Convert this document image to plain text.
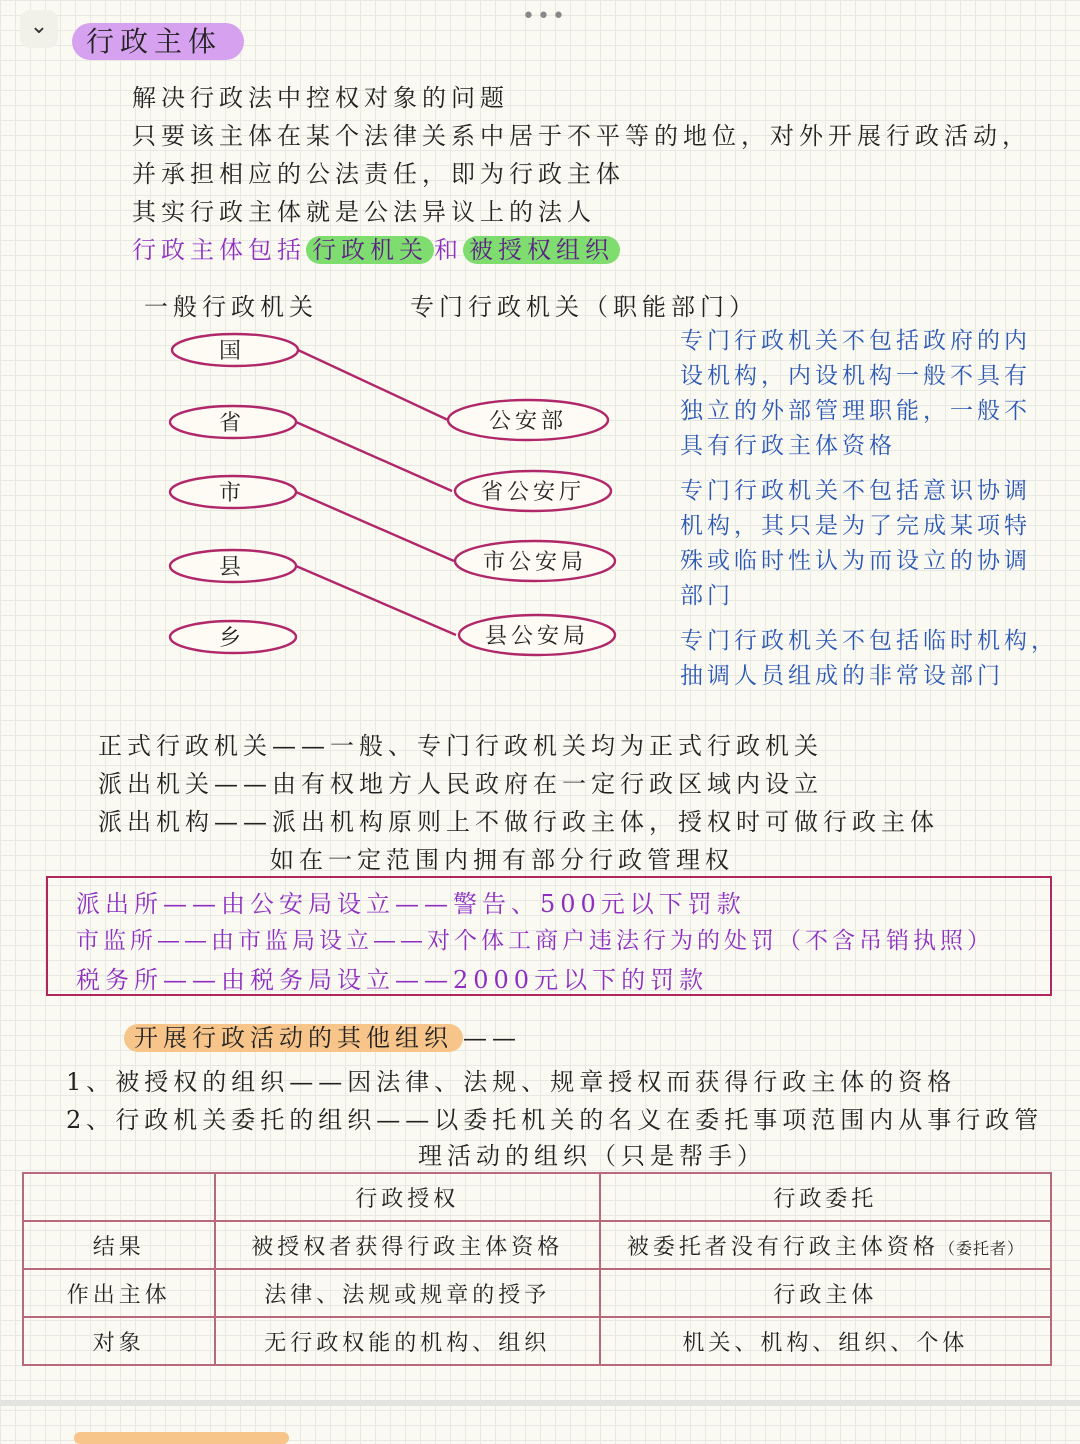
•••
⌄	行政主体
解决行政法中控权对象的问题
只要该主体在某个法律关系中居于不平等的地位，对外开展行政活动，
并承担相应的公法责任，即为行政主体
其实行政主体就是公法异议上的法人
行政主体包括 行政机关 和 被授权组织
一般行政机关	专门行政机关（职能部门）
国
省
市
县
乡
公安部
省公安厅
市公安局
县公安局
专门行政机关不包括政府的内
设机构，内设机构一般不具有
独立的外部管理职能，一般不
具有行政主体资格
专门行政机关不包括意识协调
机构，其只是为了完成某项特
殊或临时性认为而设立的协调
部门
专门行政机关不包括临时机构，
抽调人员组成的非常设部门
正式行政机关——一般、专门行政机关均为正式行政机关
派出机关——由有权地方人民政府在一定行政区域内设立
派出机构——派出机构原则上不做行政主体，授权时可做行政主体
如在一定范围内拥有部分行政管理权
派出所——由公安局设立——警告、500元以下罚款
市监所——由市监局设立——对个体工商户违法行为的处罚（不含吊销执照）
税务所——由税务局设立——2000元以下的罚款
开展行政活动的其他组织 ——
1、被授权的组织——因法律、法规、规章授权而获得行政主体的资格
2、行政机关委托的组织——以委托机关的名义在委托事项范围内从事行政管
理活动的组织（只是帮手）
	行政授权	行政委托
结果	被授权者获得行政主体资格	被委托者没有行政主体资格（委托者）
作出主体	法律、法规或规章的授予	行政主体
对象	无行政权能的机构、组织	机关、机构、组织、个体
